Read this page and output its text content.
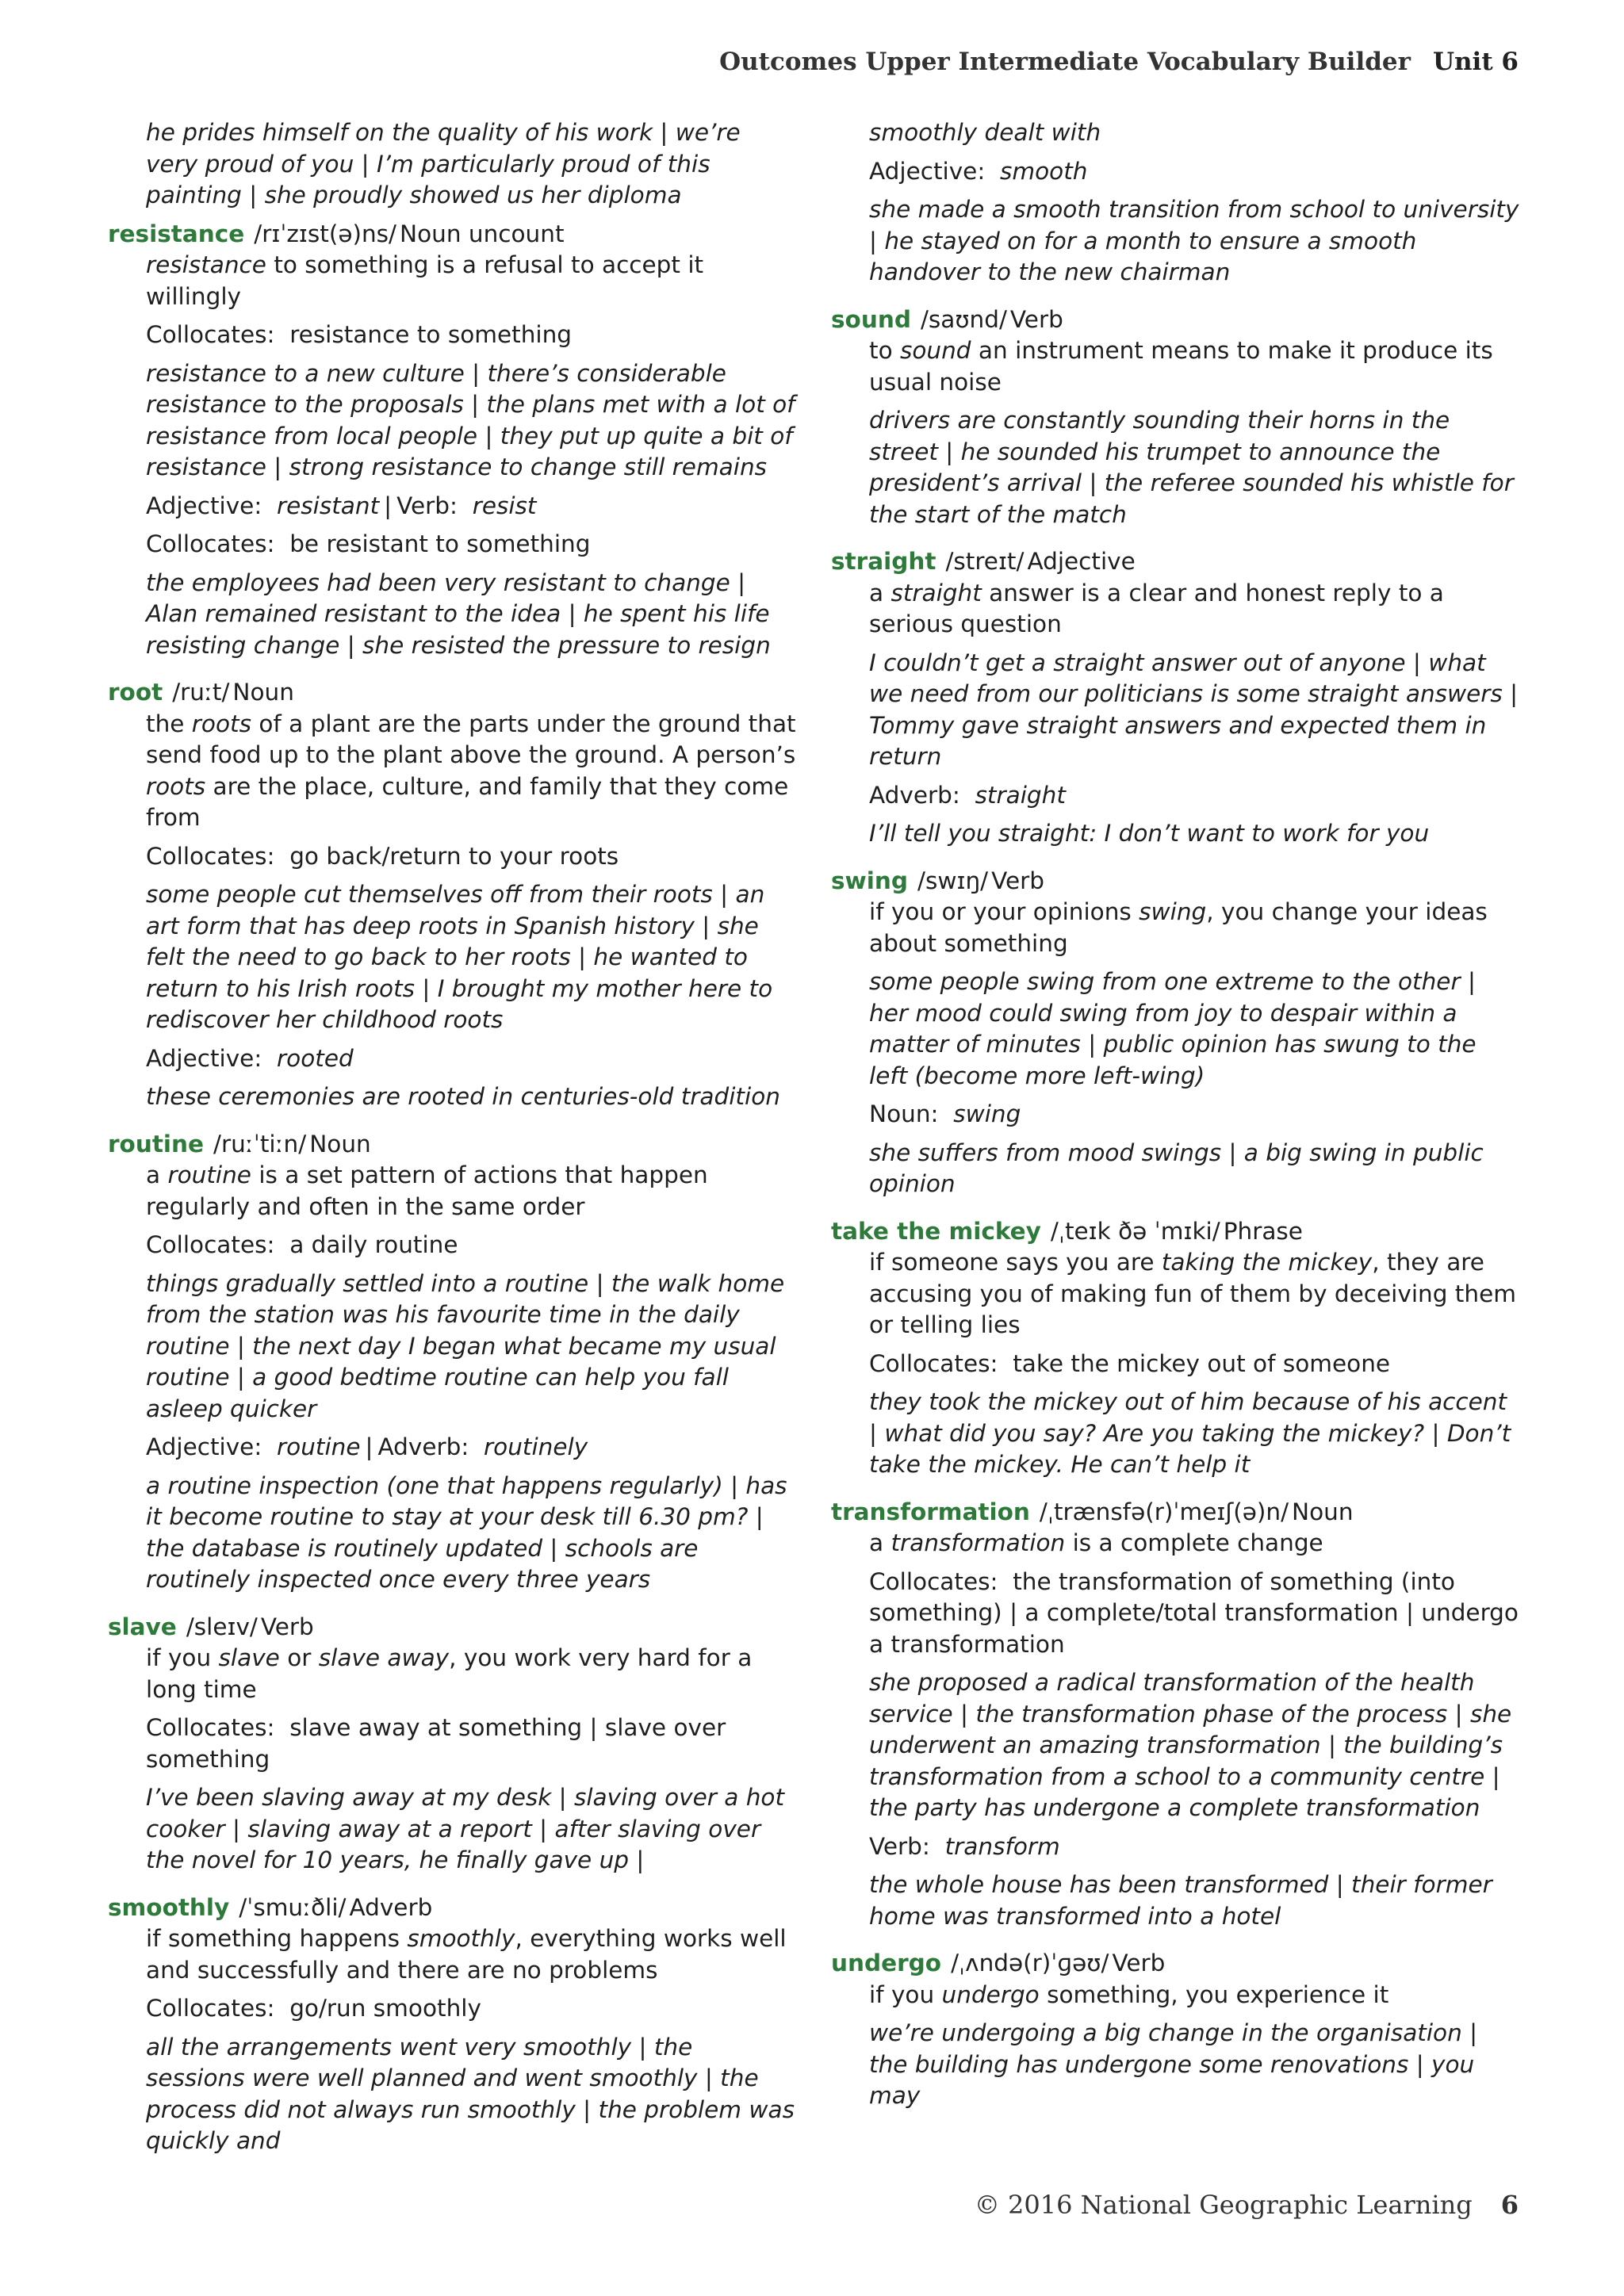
Outcomes Upper Intermediate Vocabulary Builder Unit 6
he prides himself on the quality of his work | we’re very proud of you | I’m particularly proud of this painting | she proudly showed us her diploma
resistance /rɪˈzɪst(ə)ns/ Noun uncount
resistance to something is a refusal to accept it willingly
Collocates: resistance to something
resistance to a new culture | there’s considerable resistance to the proposals | the plans met with a lot of resistance from local people | they put up quite a bit of resistance | strong resistance to change still remains
Adjective: resistant | Verb: resist
Collocates: be resistant to something
the employees had been very resistant to change | Alan remained resistant to the idea | he spent his life resisting change | she resisted the pressure to resign
root /ruːt/ Noun
the roots of a plant are the parts under the ground that send food up to the plant above the ground. A person’s roots are the place, culture, and family that they come from
Collocates: go back/return to your roots
some people cut themselves off from their roots | an art form that has deep roots in Spanish history | she felt the need to go back to her roots | he wanted to return to his Irish roots | I brought my mother here to rediscover her childhood roots
Adjective: rooted
these ceremonies are rooted in centuries-old tradition
routine /ruːˈtiːn/ Noun
a routine is a set pattern of actions that happen regularly and often in the same order
Collocates: a daily routine
things gradually settled into a routine | the walk home from the station was his favourite time in the daily routine | the next day I began what became my usual routine | a good bedtime routine can help you fall asleep quicker
Adjective: routine | Adverb: routinely
a routine inspection (one that happens regularly) | has it become routine to stay at your desk till 6.30 pm? | the database is routinely updated | schools are routinely inspected once every three years
slave /sleɪv/ Verb
if you slave or slave away, you work very hard for a long time
Collocates: slave away at something | slave over something
I’ve been slaving away at my desk | slaving over a hot cooker | slaving away at a report | after slaving over the novel for 10 years, he finally gave up |
smoothly /ˈsmuːðli/ Adverb
if something happens smoothly, everything works well and successfully and there are no problems
Collocates: go/run smoothly
all the arrangements went very smoothly | the sessions were well planned and went smoothly | the process did not always run smoothly | the problem was quickly and
smoothly dealt with
Adjective: smooth
she made a smooth transition from school to university | he stayed on for a month to ensure a smooth handover to the new chairman
sound /saʊnd/ Verb
to sound an instrument means to make it produce its usual noise
drivers are constantly sounding their horns in the street | he sounded his trumpet to announce the president’s arrival | the referee sounded his whistle for the start of the match
straight /streɪt/ Adjective
a straight answer is a clear and honest reply to a serious question
I couldn’t get a straight answer out of anyone | what we need from our politicians is some straight answers | Tommy gave straight answers and expected them in return
Adverb: straight
I’ll tell you straight: I don’t want to work for you
swing /swɪŋ/ Verb
if you or your opinions swing, you change your ideas about something
some people swing from one extreme to the other | her mood could swing from joy to despair within a matter of minutes | public opinion has swung to the left (become more left-wing)
Noun: swing
she suffers from mood swings | a big swing in public opinion
take the mickey /ˌteɪk ðə ˈmɪki/ Phrase
if someone says you are taking the mickey, they are accusing you of making fun of them by deceiving them or telling lies
Collocates: take the mickey out of someone
they took the mickey out of him because of his accent | what did you say? Are you taking the mickey? | Don’t take the mickey. He can’t help it
transformation /ˌtrænsfə(r)ˈmeɪʃ(ə)n/ Noun
a transformation is a complete change
Collocates: the transformation of something (into something) | a complete/total transformation | undergo a transformation
she proposed a radical transformation of the health service | the transformation phase of the process | she underwent an amazing transformation | the building’s transformation from a school to a community centre | the party has undergone a complete transformation
Verb: transform
the whole house has been transformed | their former home was transformed into a hotel
undergo /ˌʌndə(r)ˈɡəʊ/ Verb
if you undergo something, you experience it
we’re undergoing a big change in the organisation | the building has undergone some renovations | you may
© 2016 National Geographic Learning 6
